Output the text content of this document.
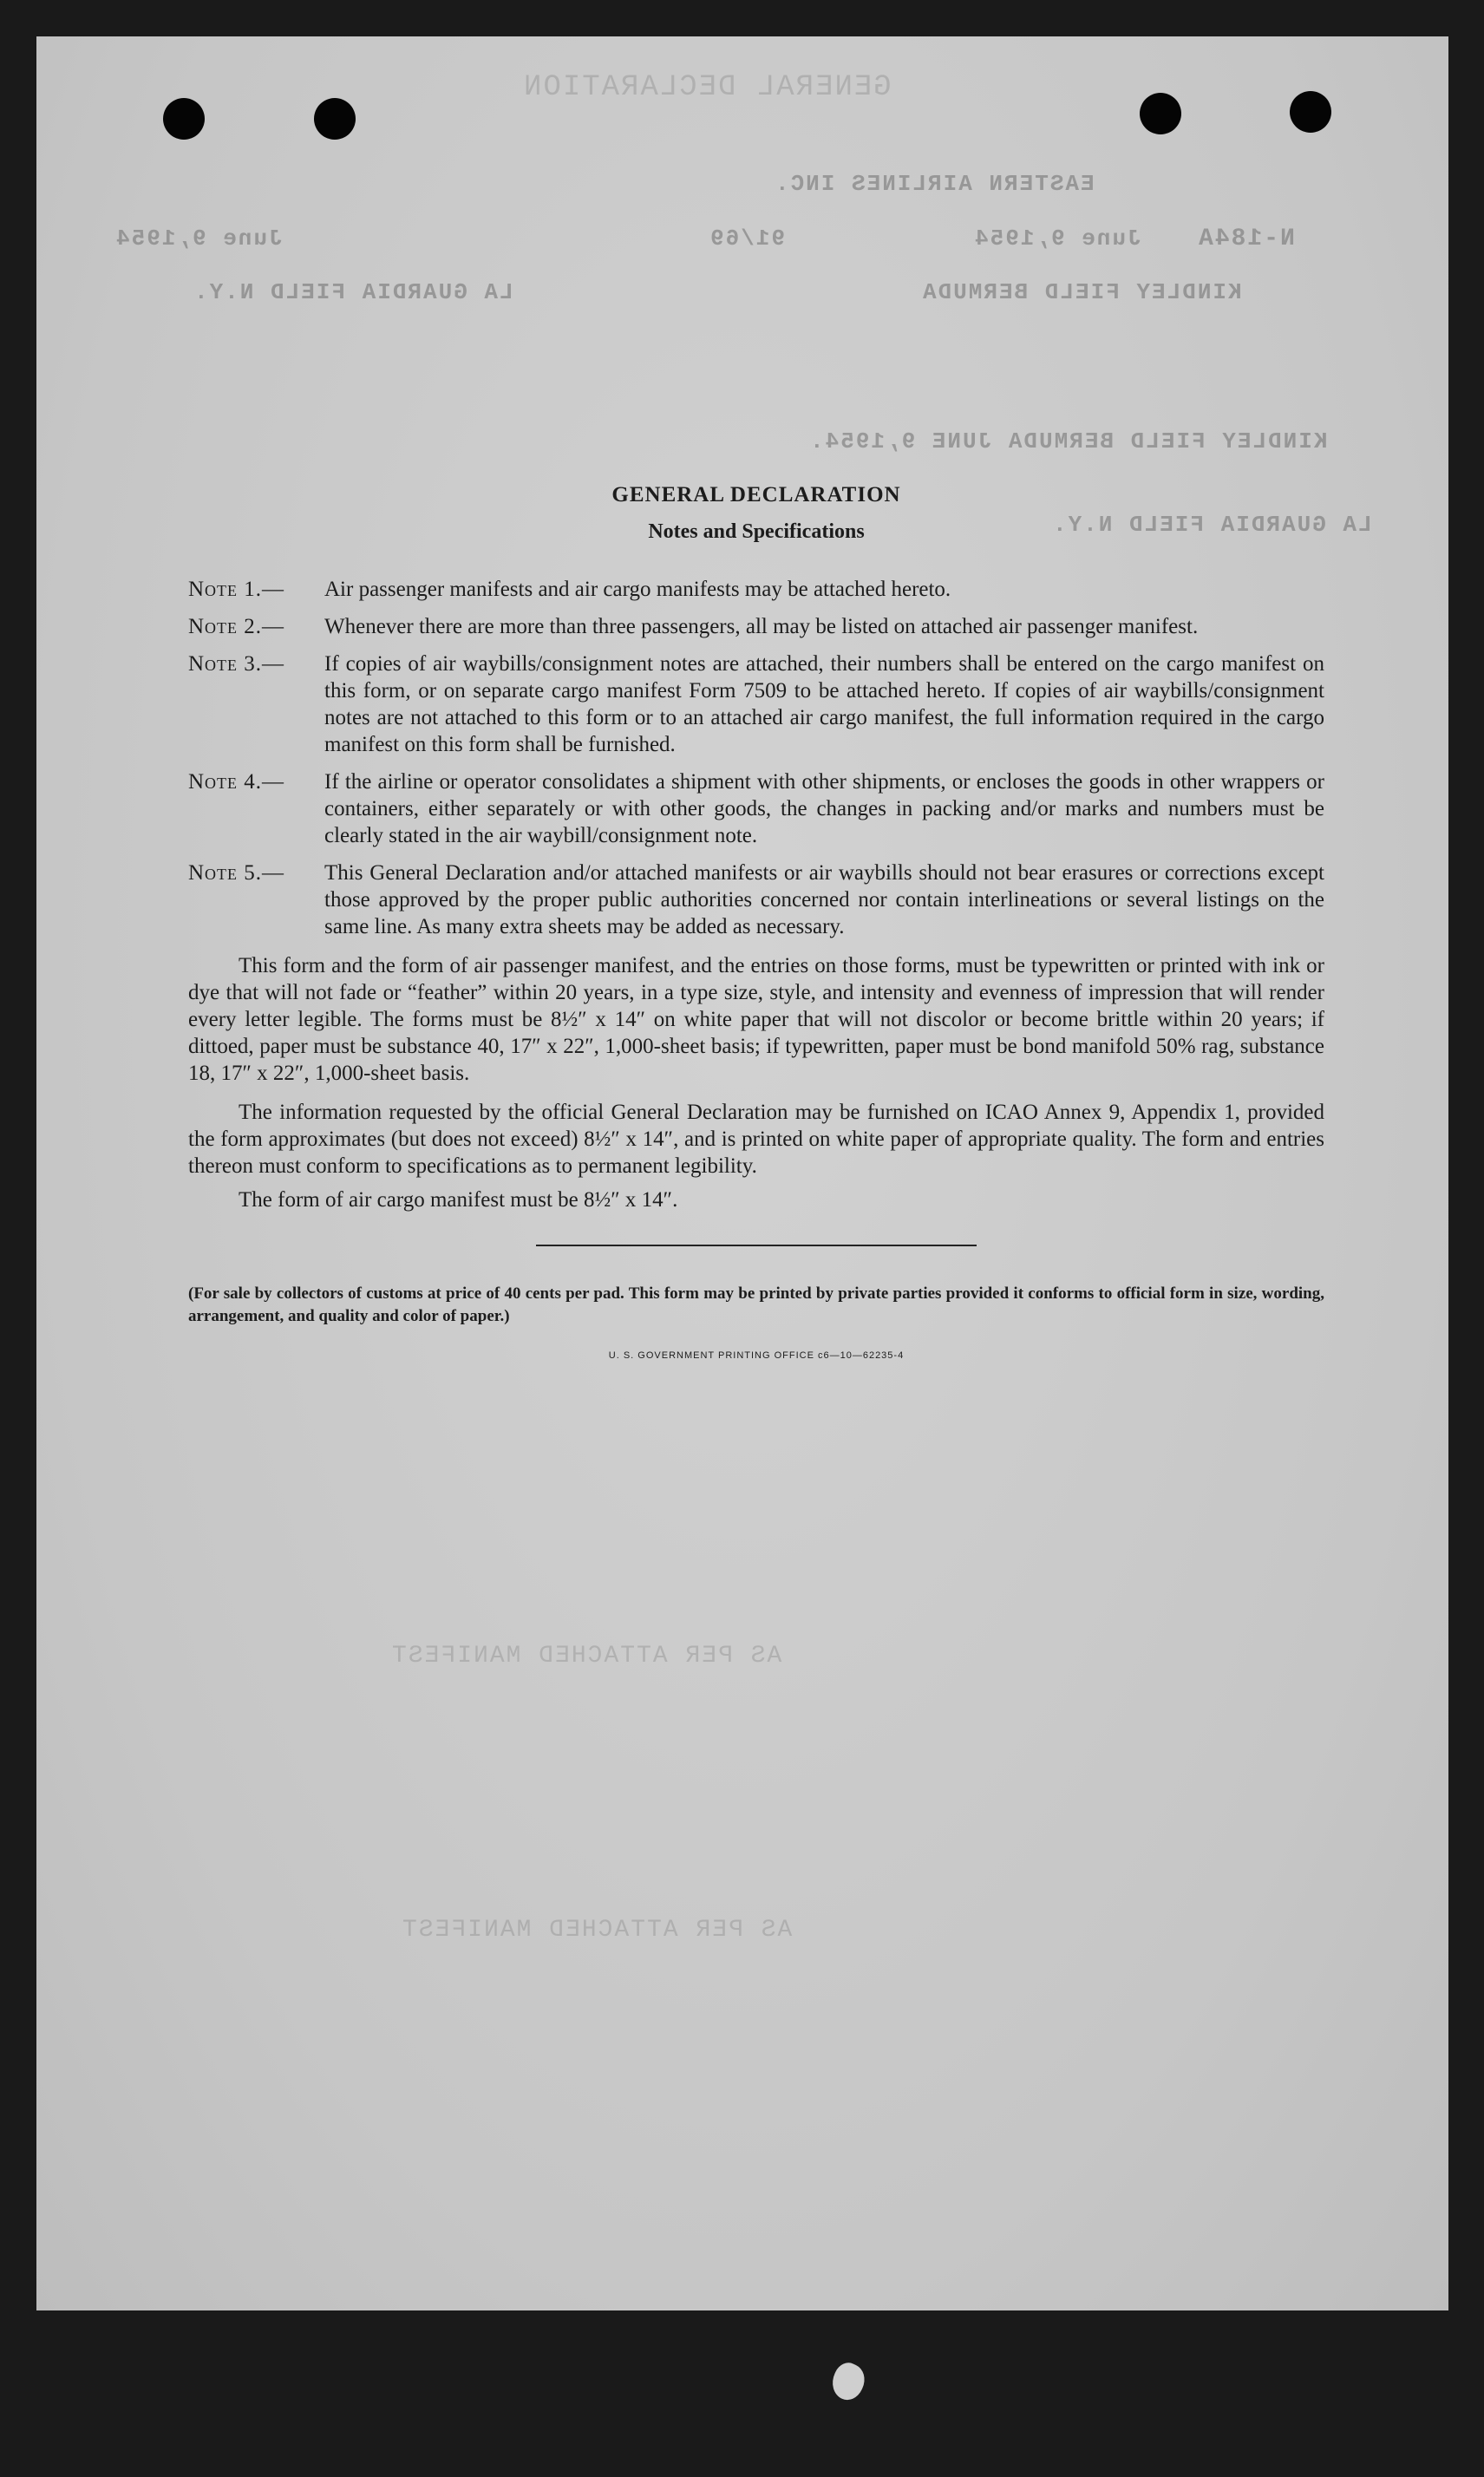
GENERAL DECLARATION
EASTERN AIRLINES INC.
N-184A
June 9,1954	June 9,1954
91/69
KINDLEY FIELD BERMUDA
LA GUARDIA FIELD N.Y.
KINDLEY FIELD BERMUDA JUNE 9,1954.
LA GUARDIA FIELD N.Y.
AS PER ATTACHED MANIFEST
AS PER ATTACHED MANIFEST
GENERAL DECLARATION
Notes and Specifications
Note 1.—	Air passenger manifests and air cargo manifests may be attached hereto.
Note 2.—	Whenever there are more than three passengers, all may be listed on attached air passenger manifest.
Note 3.—	If copies of air waybills/consignment notes are attached, their numbers shall be entered on the cargo manifest on this form, or on separate cargo manifest Form 7509 to be attached hereto. If copies of air waybills/consignment notes are not attached to this form or to an attached air cargo manifest, the full information required in the cargo manifest on this form shall be furnished.
Note 4.—	If the airline or operator consolidates a shipment with other shipments, or encloses the goods in other wrappers or containers, either separately or with other goods, the changes in packing and/or marks and numbers must be clearly stated in the air waybill/consignment note.
Note 5.—	This General Declaration and/or attached manifests or air waybills should not bear erasures or corrections except those approved by the proper public authorities concerned nor contain interlineations or several listings on the same line. As many extra sheets may be added as necessary.

This form and the form of air passenger manifest, and the entries on those forms, must be typewritten or printed with ink or dye that will not fade or “feather” within 20 years, in a type size, style, and intensity and evenness of impression that will render every letter legible. The forms must be 8½″ x 14″ on white paper that will not discolor or become brittle within 20 years; if dittoed, paper must be substance 40, 17″ x 22″, 1,000-sheet basis; if typewritten, paper must be bond manifold 50% rag, substance 18, 17″ x 22″, 1,000-sheet basis.

The information requested by the official General Declaration may be furnished on ICAO Annex 9, Appendix 1, provided the form approximates (but does not exceed) 8½″ x 14″, and is printed on white paper of appropriate quality. The form and entries thereon must conform to specifications as to permanent legibility.

The form of air cargo manifest must be 8½″ x 14″.

(For sale by collectors of customs at price of 40 cents per pad. This form may be printed by private parties provided it conforms to official form in size, wording, arrangement, and quality and color of paper.)

U. S. GOVERNMENT PRINTING OFFICE c6—10—62235-4
